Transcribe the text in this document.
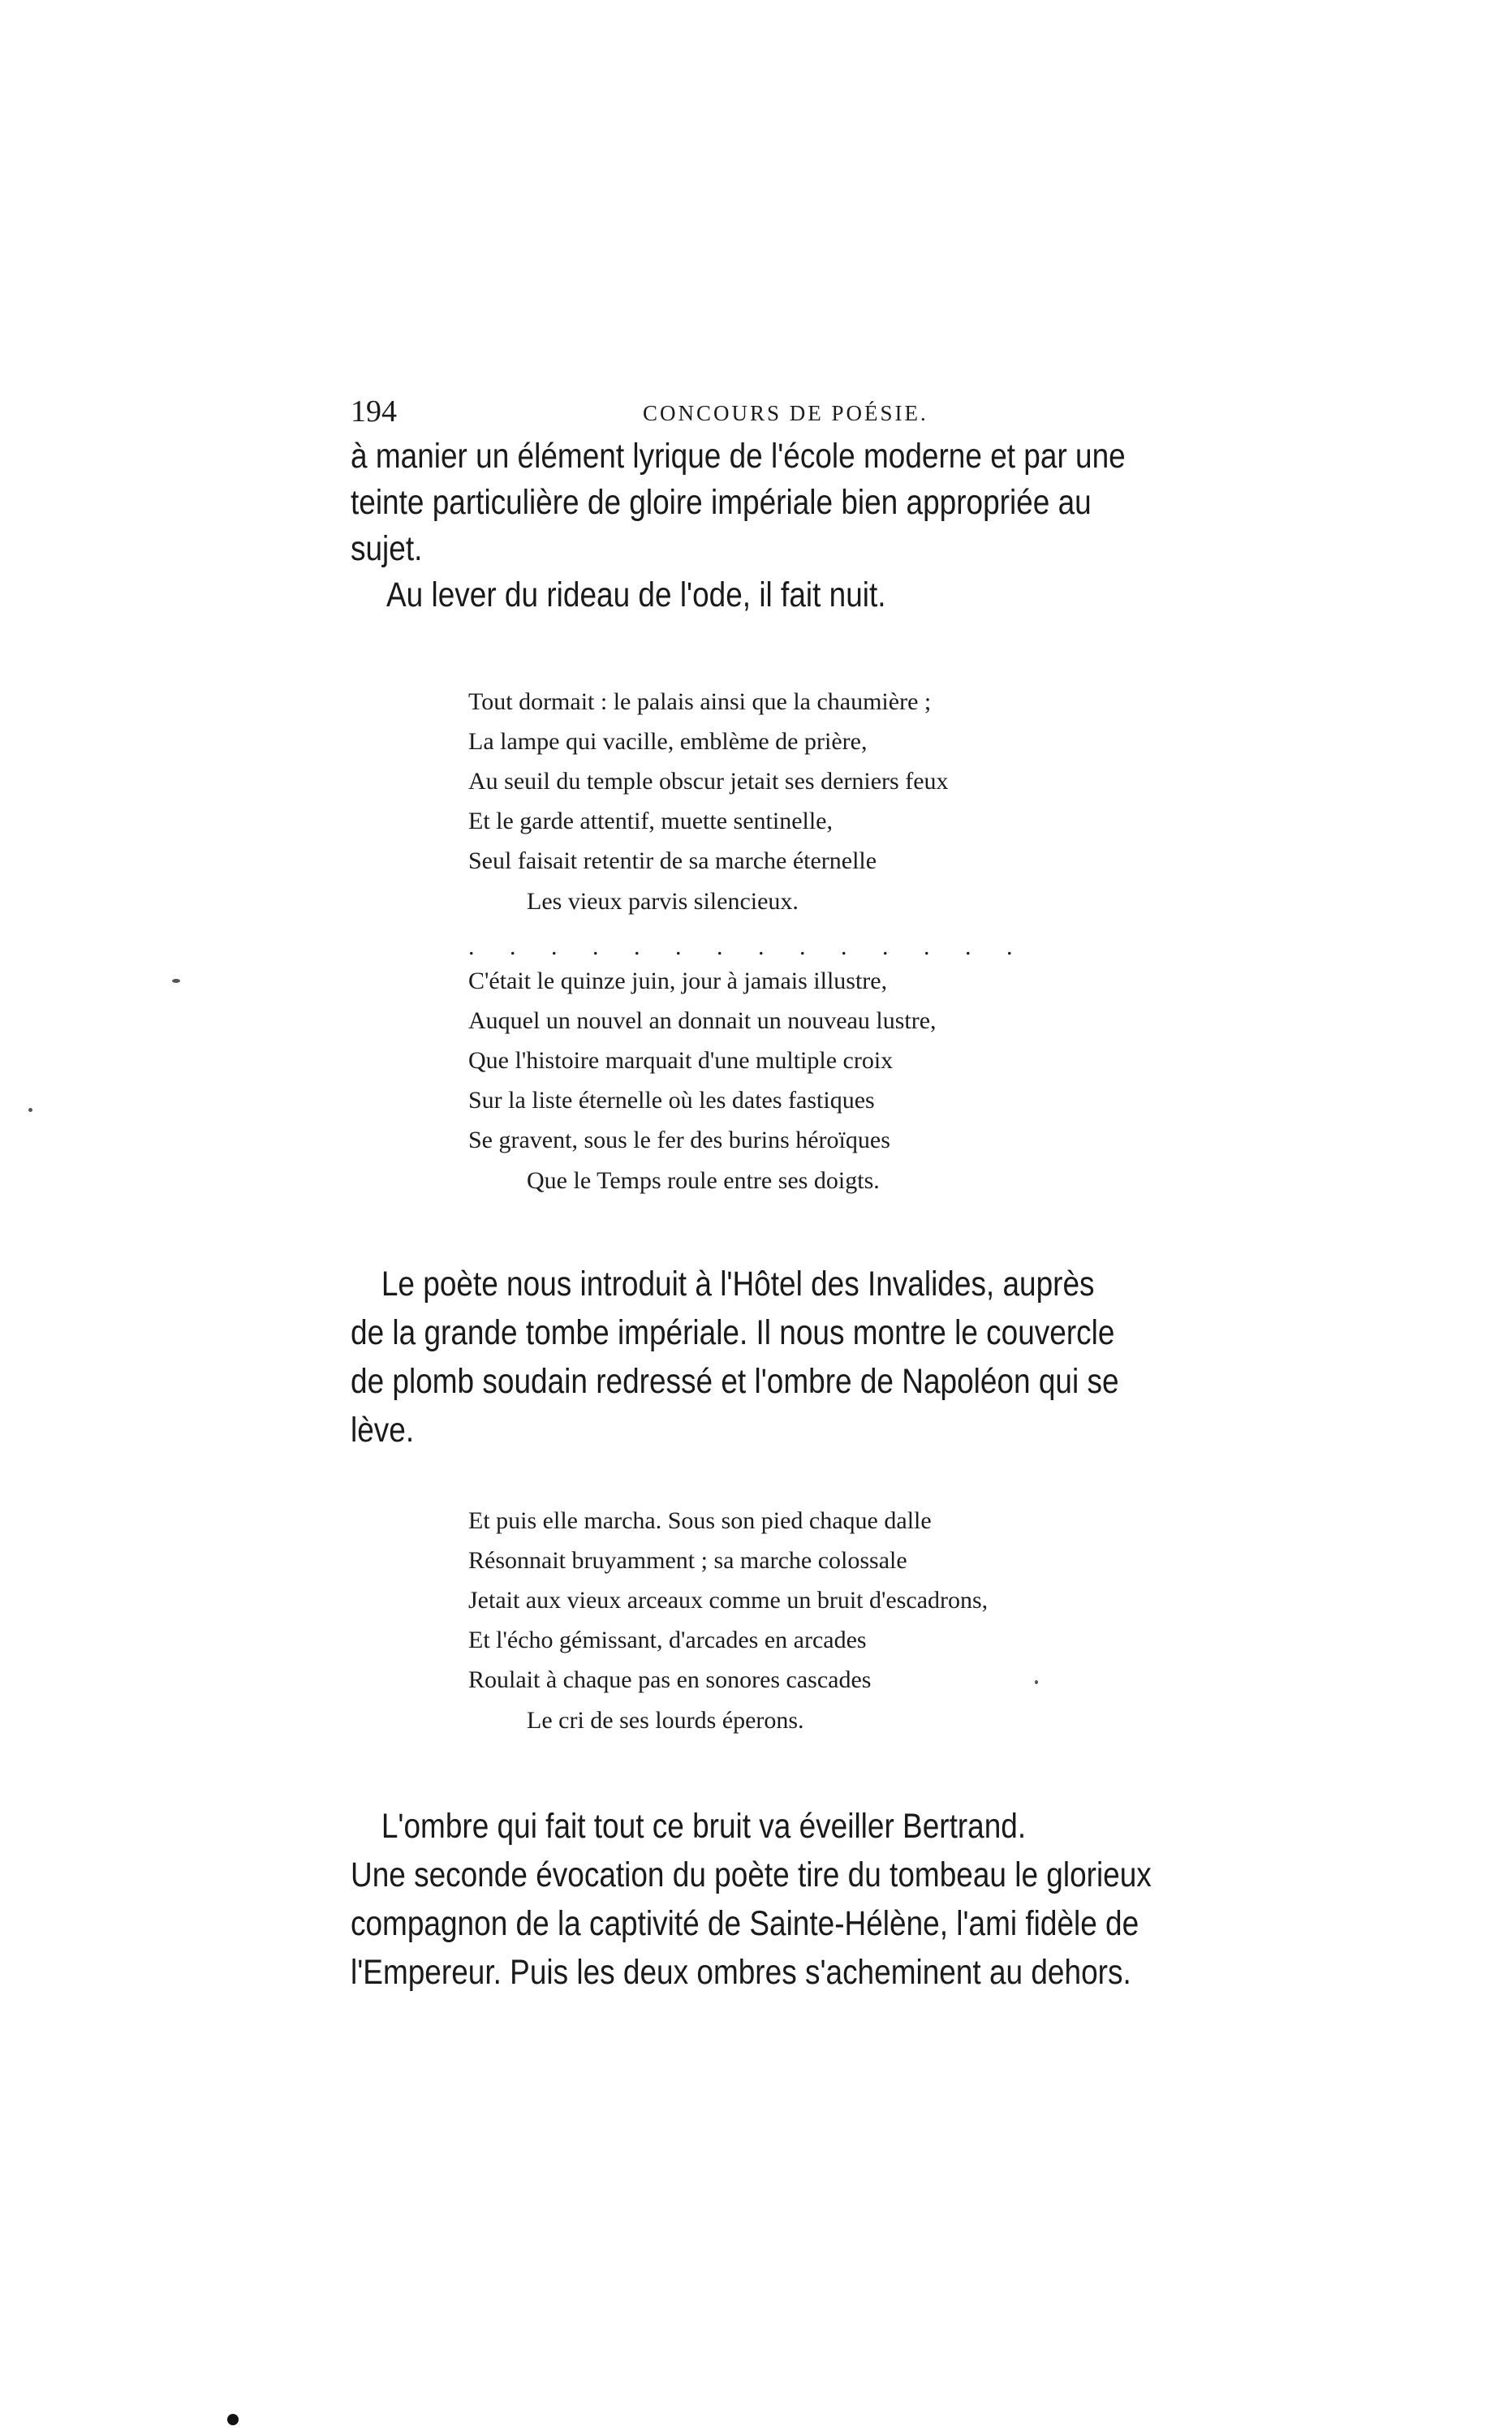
194	CONCOURS DE POÉSIE.
à manier un élément lyrique de l'école moderne et par une
teinte particulière de gloire impériale bien appropriée au
sujet.
Au lever du rideau de l'ode, il fait nuit.
Tout dormait : le palais ainsi que la chaumière ;
La lampe qui vacille, emblème de prière,
Au seuil du temple obscur jetait ses derniers feux
Et le garde attentif, muette sentinelle,
Seul faisait retentir de sa marche éternelle
Les vieux parvis silencieux.
. . . . . . . . . . . . . .
C'était le quinze juin, jour à jamais illustre,
Auquel un nouvel an donnait un nouveau lustre,
Que l'histoire marquait d'une multiple croix
Sur la liste éternelle où les dates fastiques
Se gravent, sous le fer des burins héroïques
Que le Temps roule entre ses doigts.
Le poète nous introduit à l'Hôtel des Invalides, auprès
de la grande tombe impériale. Il nous montre le couvercle
de plomb soudain redressé et l'ombre de Napoléon qui se
lève.
Et puis elle marcha. Sous son pied chaque dalle
Résonnait bruyamment ; sa marche colossale
Jetait aux vieux arceaux comme un bruit d'escadrons,
Et l'écho gémissant, d'arcades en arcades
Roulait à chaque pas en sonores cascades
Le cri de ses lourds éperons.
L'ombre qui fait tout ce bruit va éveiller Bertrand.
Une seconde évocation du poète tire du tombeau le glorieux
compagnon de la captivité de Sainte-Hélène, l'ami fidèle de
l'Empereur. Puis les deux ombres s'acheminent au dehors.
